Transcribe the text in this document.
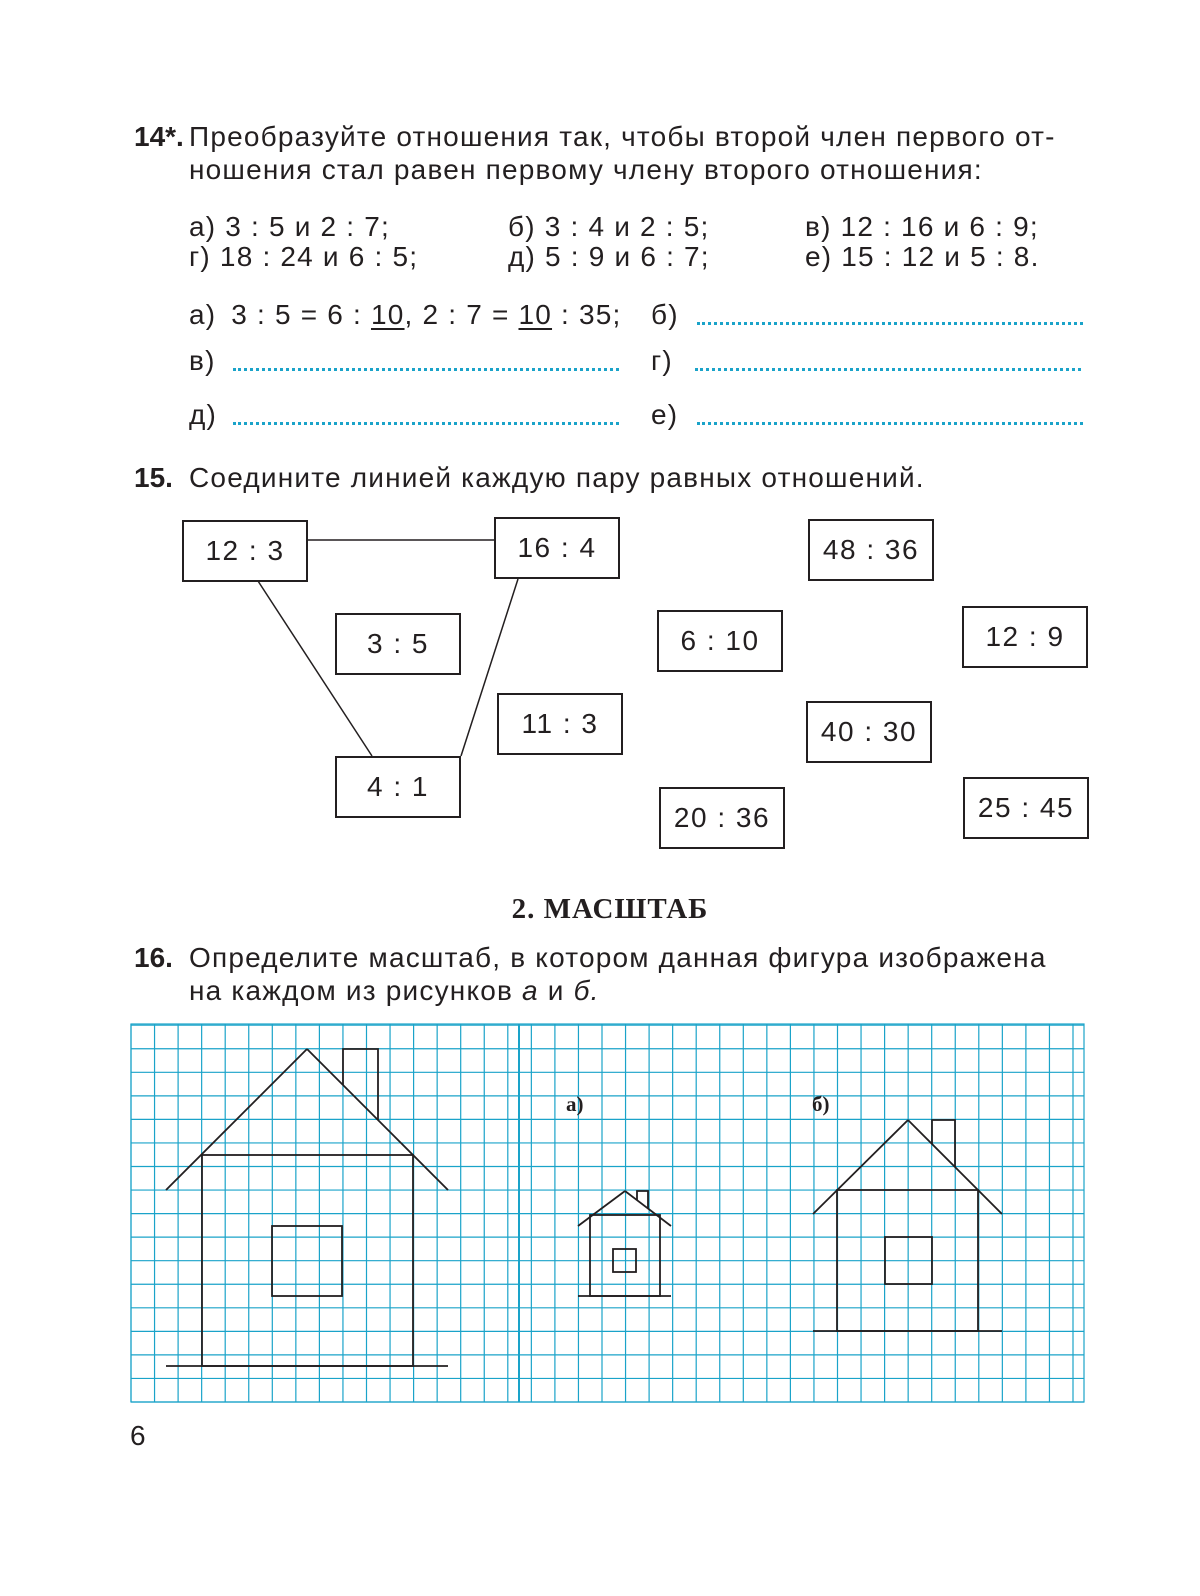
14*. Преобразуйте отношения так, чтобы второй член первого от-
ношения стал равен первому члену второго отношения:
а) 3 : 5 и 2 : 7;	б) 3 : 4 и 2 : 5;	в) 12 : 16 и 6 : 9;
г) 18 : 24 и 6 : 5;	д) 5 : 9 и 6 : 7;	е) 15 : 12 и 5 : 8.
а) 3 : 5 = 6 : 10, 2 : 7 = 10 : 35; б)
в)	г)
д)	е)
15. Соедините линией каждую пару равных отношений.
12 : 3	16 : 4	48 : 36
3 : 5	6 : 10	12 : 9
11 : 3	40 : 30
4 : 1
20 : 36	25 : 45
2. МАСШТАБ
16. Определите масштаб, в котором данная фигура изображена
на каждом из рисунков а и б.
а)	б)
6
